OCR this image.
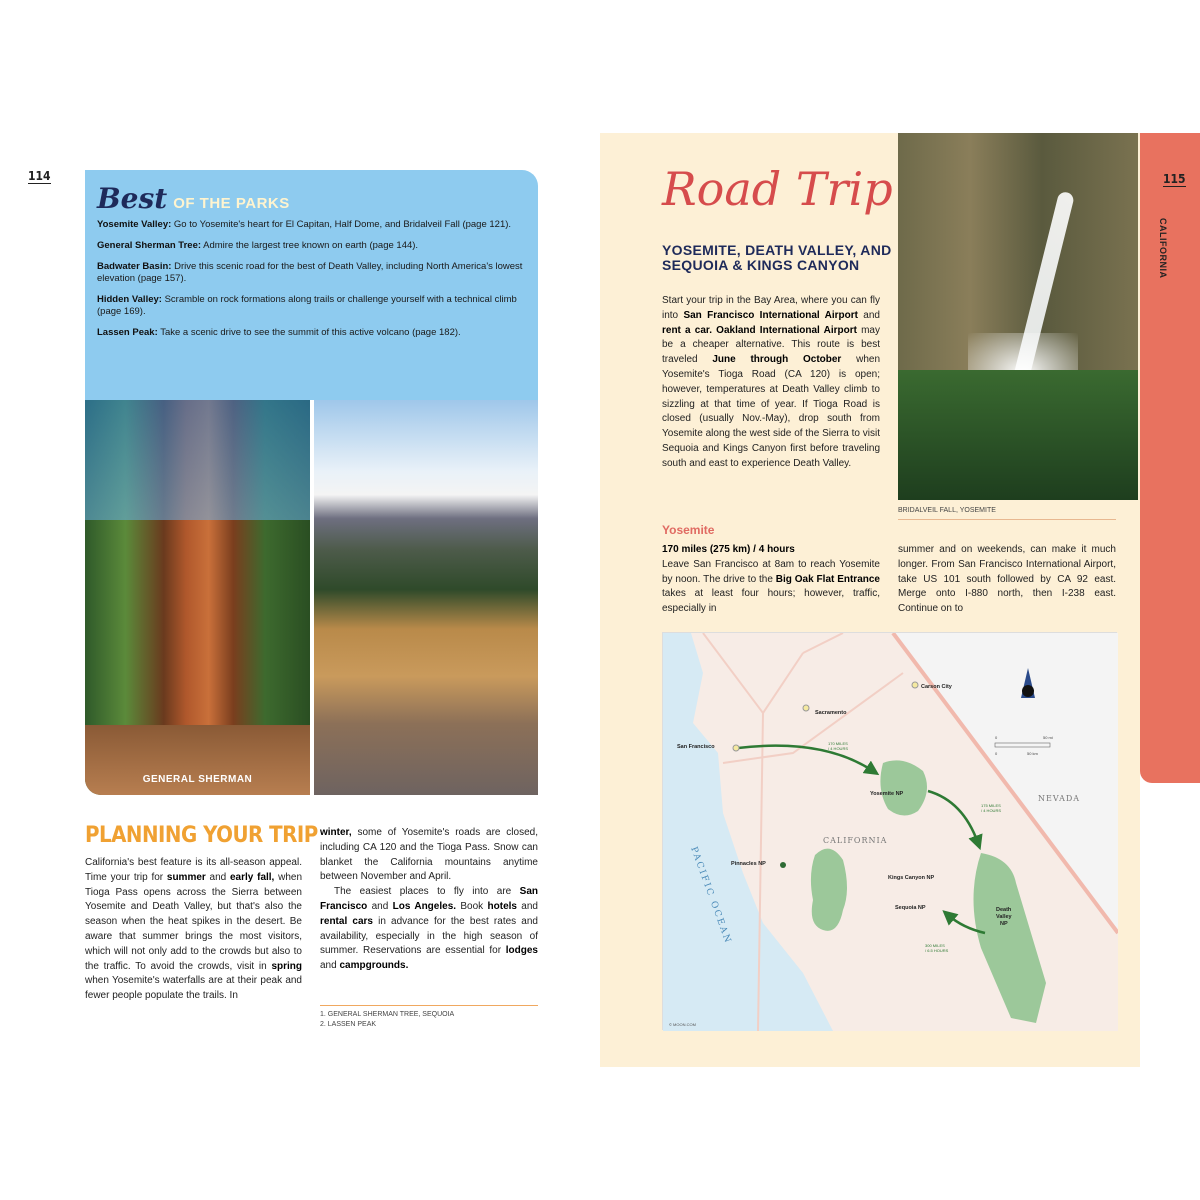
114
Best OF THE PARKS

Yosemite Valley: Go to Yosemite's heart for El Capitan, Half Dome, and Bridalveil Fall (page 121).

General Sherman Tree: Admire the largest tree known on earth (page 144).

Badwater Basin: Drive this scenic road for the best of Death Valley, including North America's lowest elevation (page 157).

Hidden Valley: Scramble on rock formations along trails or challenge yourself with a technical climb (page 169).

Lassen Peak: Take a scenic drive to see the summit of this active volcano (page 182).

GENERAL SHERMAN
PLANNING YOUR TRIP
California's best feature is its all-season appeal. Time your trip for summer and early fall, when Tioga Pass opens across the Sierra between Yosemite and Death Valley, but that's also the season when the heat spikes in the desert. Be aware that summer brings the most visitors, which will not only add to the crowds but also to the traffic. To avoid the crowds, visit in spring when Yosemite's waterfalls are at their peak and fewer people populate the trails. In

winter, some of Yosemite's roads are closed, including CA 120 and the Tioga Pass. Snow can blanket the California mountains anytime between November and April.

The easiest places to fly into are San Francisco and Los Angeles. Book hotels and rental cars in advance for the best rates and availability, especially in the high season of summer. Reservations are essential for lodges and campgrounds.

1. GENERAL SHERMAN TREE, SEQUOIA
2. LASSEN PEAK
115
CALIFORNIA
Road Trip
YOSEMITE, DEATH VALLEY, AND SEQUOIA & KINGS CANYON
Start your trip in the Bay Area, where you can fly into San Francisco International Airport and rent a car. Oakland International Airport may be a cheaper alternative. This route is best traveled June through October when Yosemite's Tioga Road (CA 120) is open; however, temperatures at Death Valley climb to sizzling at that time of year. If Tioga Road is closed (usually Nov.-May), drop south from Yosemite along the west side of the Sierra to visit Sequoia and Kings Canyon first before traveling south and east to experience Death Valley.
BRIDALVEIL FALL, YOSEMITE
Yosemite
170 miles (275 km) / 4 hours
Leave San Francisco at 8am to reach Yosemite by noon. The drive to the Big Oak Flat Entrance takes at least four hours; however, traffic, especially in
summer and on weekends, can make it much longer. From San Francisco International Airport, take US 101 south followed by CA 92 east. Merge onto I-880 north, then I-238 east. Continue on to
San Francisco
Sacramento
Carson City
Yosemite NP
Pinnacles NP
Kings Canyon NP
Sequoia NP	Death
Valley
NP
CALIFORNIA
NEVADA
PACIFIC OCEAN
170 MILES
/ 4 HOURS
175 MILES
/ 4 HOURS
300 MILES
/ 6.5 HOURS
0	50 mi
0	50 km
© MOON.COM
